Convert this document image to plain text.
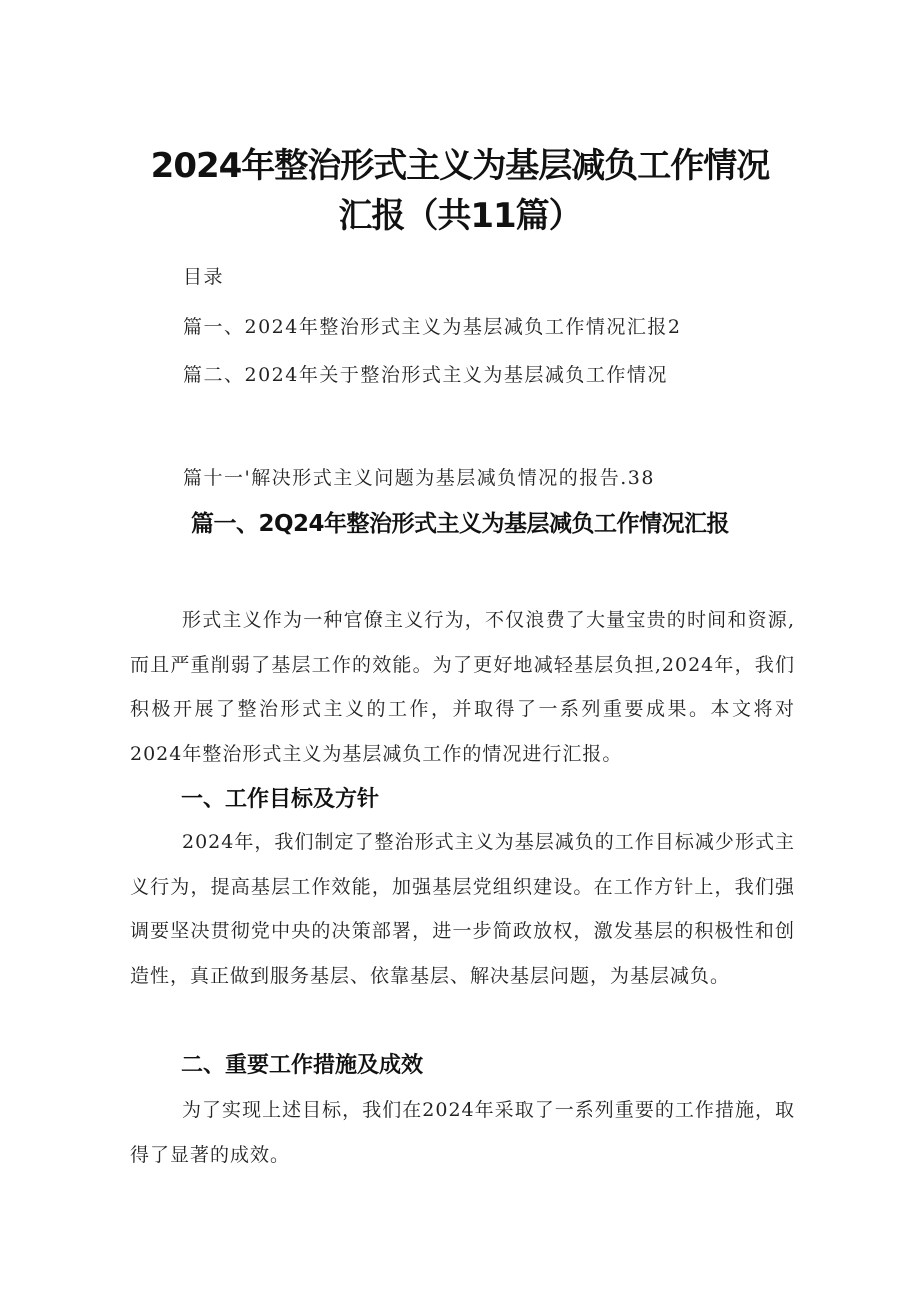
2024年整治形式主义为基层减负工作情况
汇报（共11篇）
目录
篇一、2024年整治形式主义为基层减负工作情况汇报2
篇二、2024年关于整治形式主义为基层减负工作情况
篇十一'解决形式主义问题为基层减负情况的报告.38
篇一、2Q24年整治形式主义为基层减负工作情况汇报

形式主义作为一种官僚主义行为，不仅浪费了大量宝贵的时间和资源,而且严重削弱了基层工作的效能。为了更好地减轻基层负担,2024年，我们积极开展了整治形式主义的工作，并取得了一系列重要成果。本文将对2024年整治形式主义为基层减负工作的情况进行汇报。

一、工作目标及方针

2024年，我们制定了整治形式主义为基层减负的工作目标减少形式主义行为，提高基层工作效能，加强基层党组织建设。在工作方针上，我们强调要坚决贯彻党中央的决策部署，进一步简政放权，激发基层的积极性和创造性，真正做到服务基层、依靠基层、解决基层问题，为基层减负。

二、重要工作措施及成效

为了实现上述目标，我们在2024年采取了一系列重要的工作措施，取得了显著的成效。
